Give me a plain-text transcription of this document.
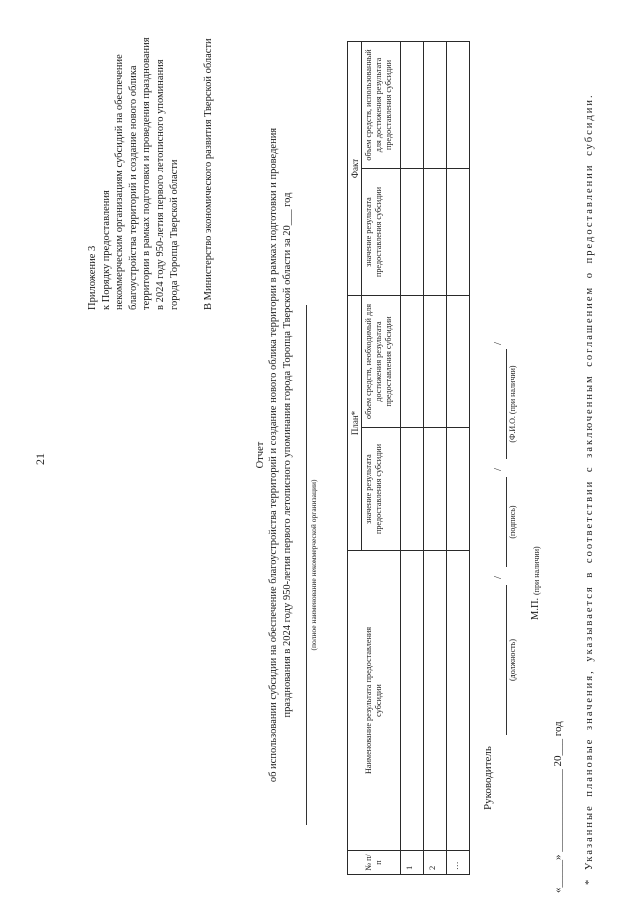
21
Приложение 3 к Порядку предоставления некоммерческим организациям субсидий на обеспечение благоустройства территорий и создание нового облика территории в рамках подготовки и проведения празднования в 2024 году 950-летия первого летописного упоминания города Торопца Тверской области В Министерство экономического развития Тверской области
Отчет об использовании субсидии на обеспечение благоустройства территорий и создание нового облика территории в рамках подготовки и проведения празднования в 2024 году 950-летия первого летописного упоминания города Торопца Тверской области за 20___ год (полное наименование некоммерческой организации)
№ п/п	Наименование результата предоставления субсидии	План*		Факт	
		значение результата предоставления субсидии	объем средств, необходимый для достижения результата предоставления субсидии	значение результата предоставления субсидии	объем средств, использованный для достижения результата предоставления субсидии
1					
2					
…					
Руководитель
/
/
/
(должность)
(подпись)
(Ф.И.О. (при наличии)
М.П.
(при наличии)
«_____» _______________ 20___ год * Указанные плановые значения, указывается в соответствии с заключенным соглашением о предоставлении субсидии.
